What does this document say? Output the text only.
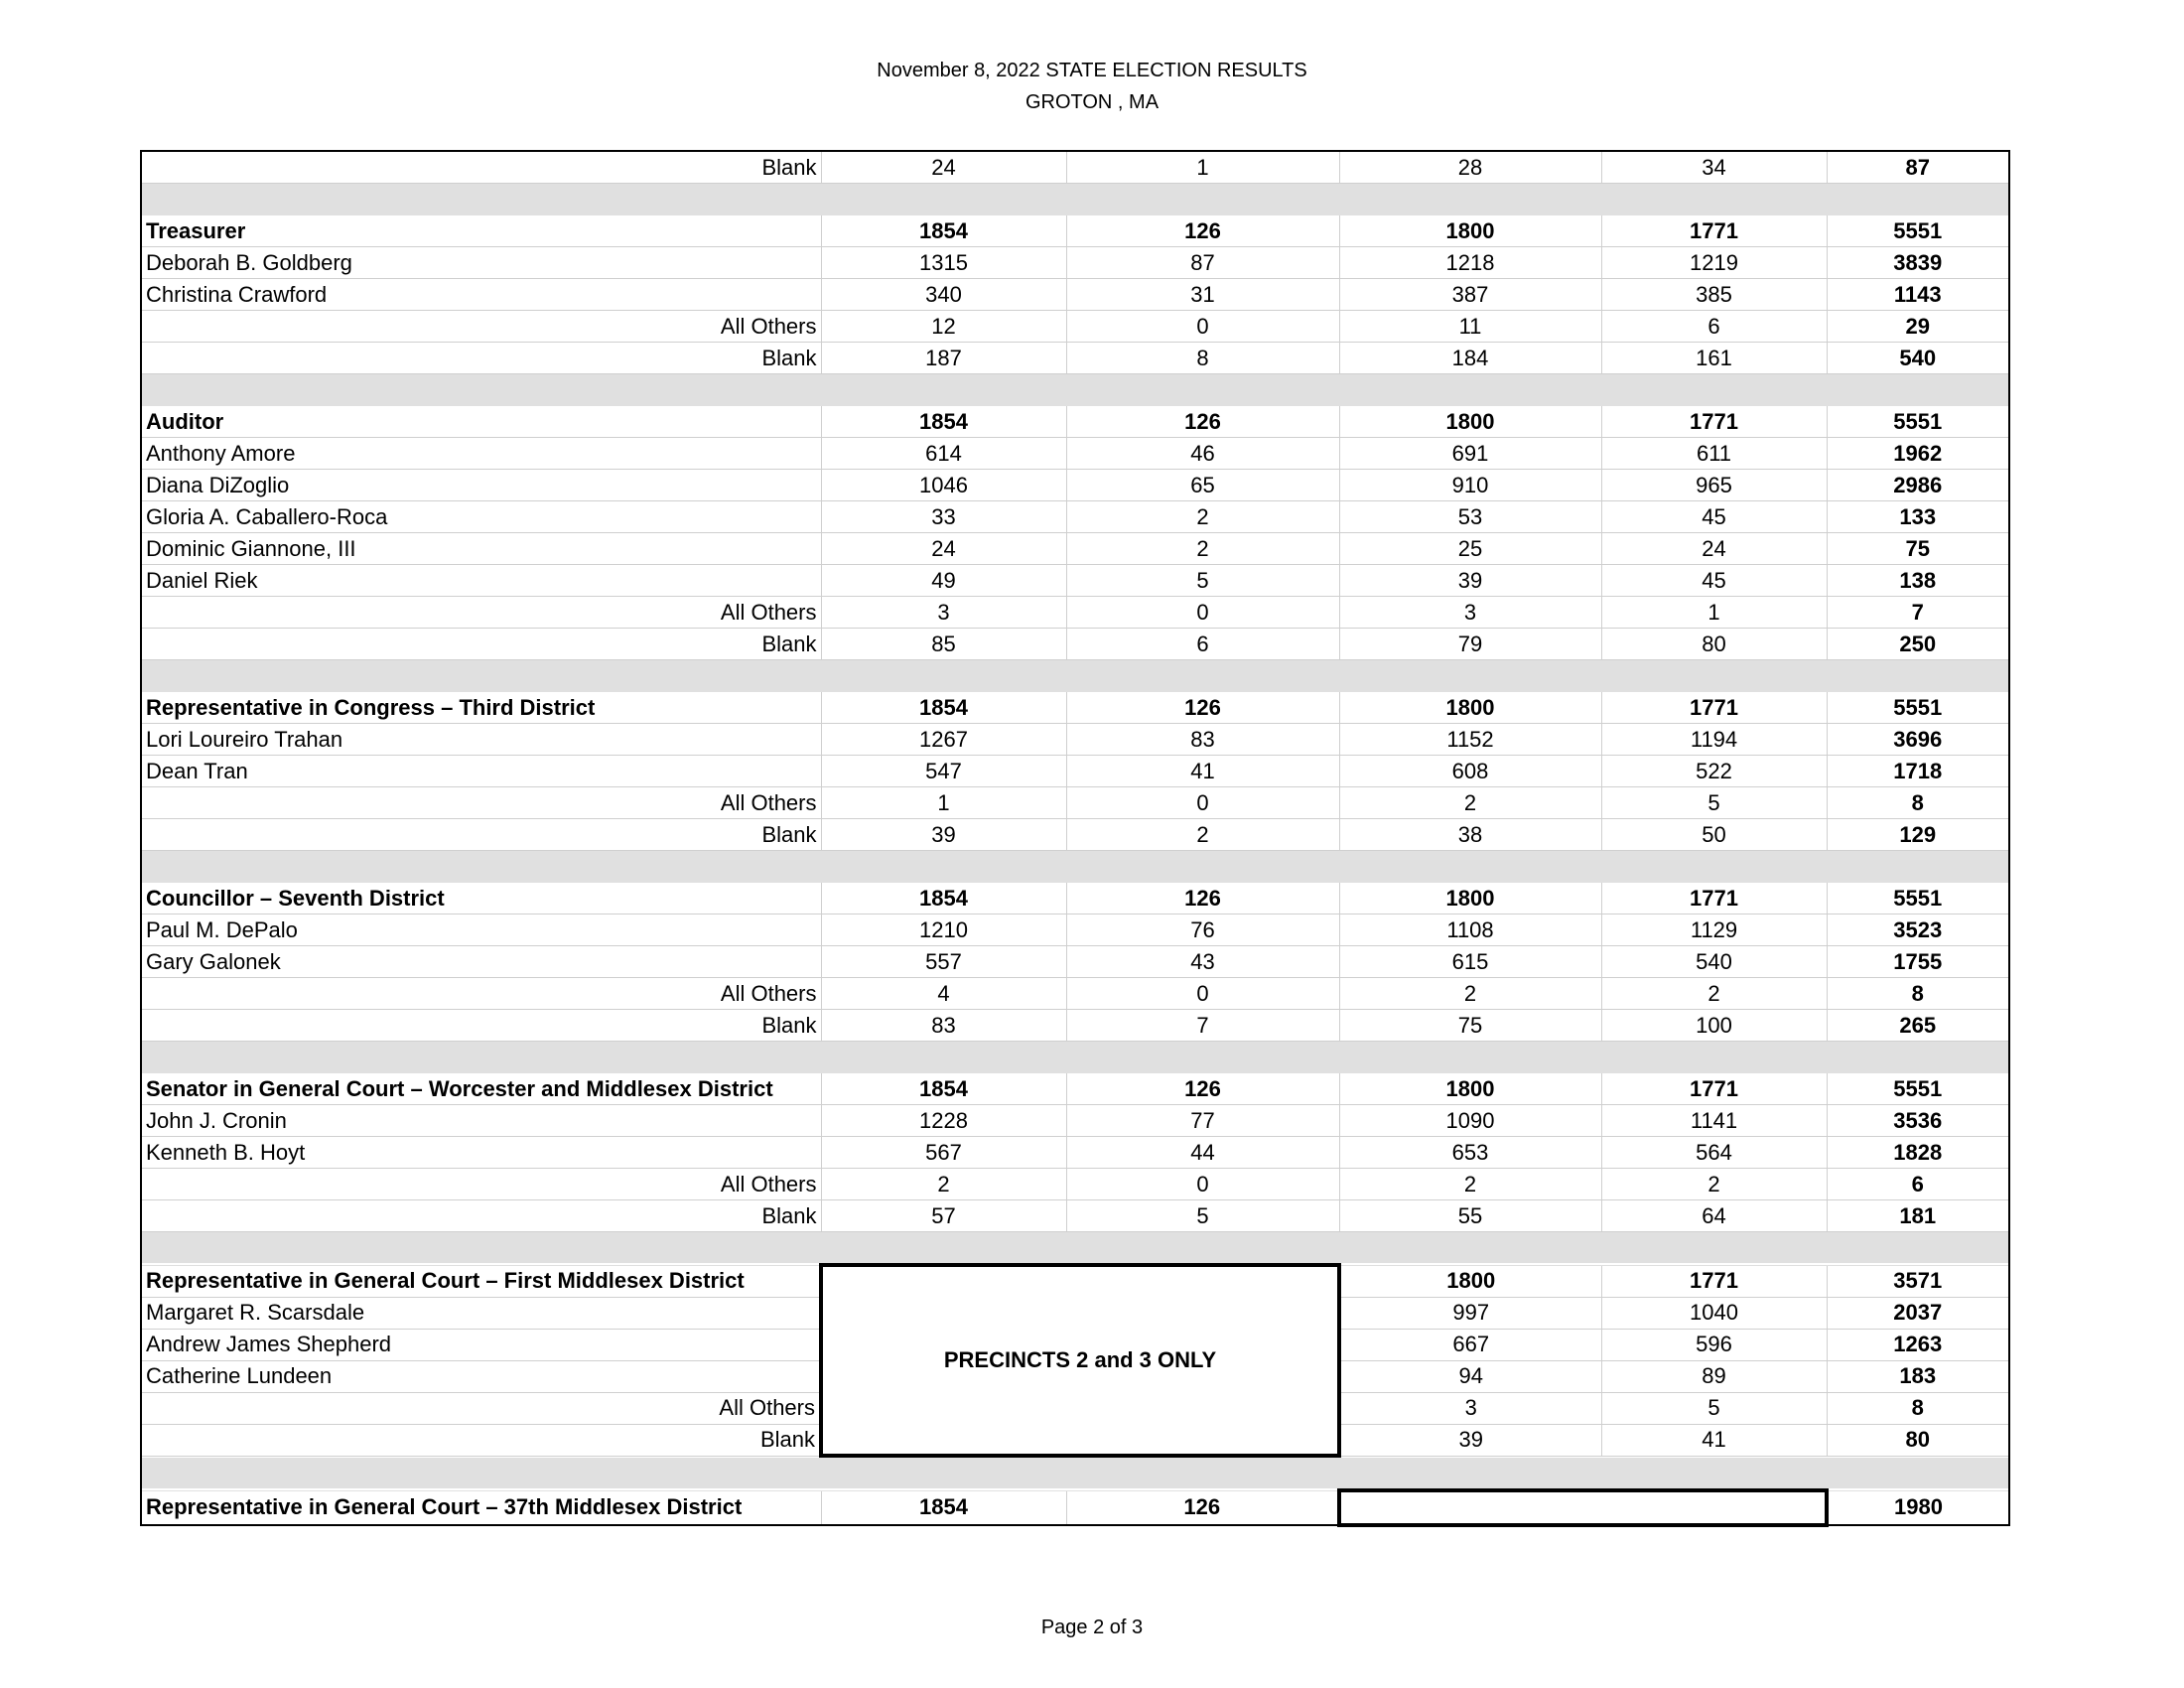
November 8, 2022 STATE ELECTION RESULTS
GROTON , MA
Blank	24	1	28	34	87

Treasurer	1854	126	1800	1771	5551
Deborah B. Goldberg	1315	87	1218	1219	3839
Christina Crawford	340	31	387	385	1143
All Others	12	0	11	6	29
Blank	187	8	184	161	540

Auditor	1854	126	1800	1771	5551
Anthony Amore	614	46	691	611	1962
Diana DiZoglio	1046	65	910	965	2986
Gloria A. Caballero-Roca	33	2	53	45	133
Dominic Giannone, III	24	2	25	24	75
Daniel Riek	49	5	39	45	138
All Others	3	0	3	1	7
Blank	85	6	79	80	250

Representative in Congress – Third District	1854	126	1800	1771	5551
Lori Loureiro Trahan	1267	83	1152	1194	3696
Dean Tran	547	41	608	522	1718
All Others	1	0	2	5	8
Blank	39	2	38	50	129

Councillor – Seventh District	1854	126	1800	1771	5551
Paul M. DePalo	1210	76	1108	1129	3523
Gary Galonek	557	43	615	540	1755
All Others	4	0	2	2	8
Blank	83	7	75	100	265

Senator in General Court – Worcester and Middlesex District	1854	126	1800	1771	5551
John J. Cronin	1228	77	1090	1141	3536
Kenneth B. Hoyt	567	44	653	564	1828
All Others	2	0	2	2	6
Blank	57	5	55	64	181

Representative in General Court – First Middlesex District	PRECINCTS 2 and 3 ONLY		1800	1771	3571
Margaret R. Scarsdale			997	1040	2037
Andrew James Shepherd			667	596	1263
Catherine Lundeen			94	89	183
All Others			3	5	8
Blank			39	41	80

Representative in General Court – 37th Middlesex District	1854	126			1980
Page 2 of 3
